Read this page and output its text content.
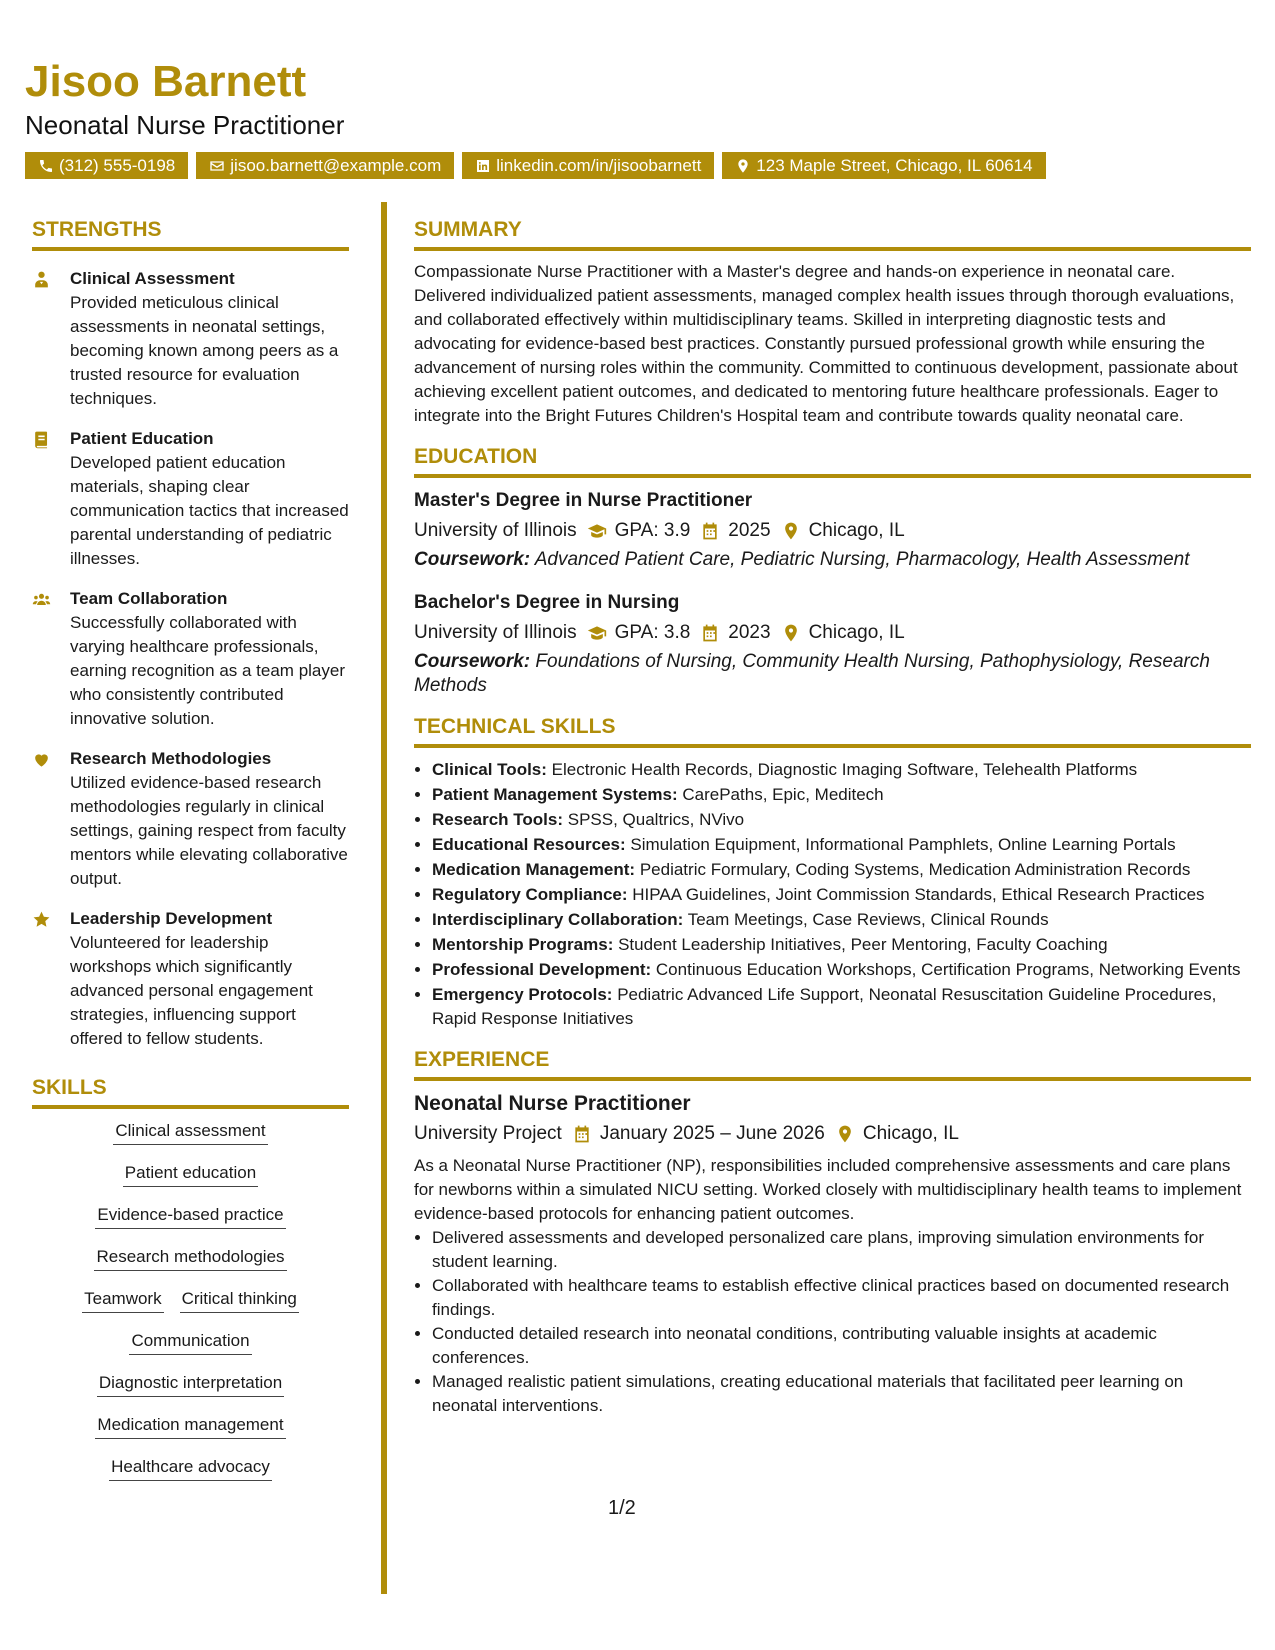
Jisoo Barnett
Neonatal Nurse Practitioner
(312) 555-0198	jisoo.barnett@example.com	linkedin.com/in/jisoobarnett	123 Maple Street, Chicago, IL 60614
STRENGTHS
Clinical Assessment
Provided meticulous clinical assessments in neonatal settings, becoming known among peers as a trusted resource for evaluation techniques.
Patient Education
Developed patient education materials, shaping clear communication tactics that increased parental understanding of pediatric illnesses.
Team Collaboration
Successfully collaborated with varying healthcare professionals, earning recognition as a team player who consistently contributed innovative solution.
Research Methodologies
Utilized evidence-based research methodologies regularly in clinical settings, gaining respect from faculty mentors while elevating collaborative output.
Leadership Development
Volunteered for leadership workshops which significantly advanced personal engagement strategies, influencing support offered to fellow students.
SKILLS
Clinical assessment
Patient education
Evidence-based practice
Research methodologies
Teamwork Critical thinking
Communication
Diagnostic interpretation
Medication management
Healthcare advocacy
SUMMARY
Compassionate Nurse Practitioner with a Master's degree and hands-on experience in neonatal care. Delivered individualized patient assessments, managed complex health issues through thorough evaluations, and collaborated effectively within multidisciplinary teams. Skilled in interpreting diagnostic tests and advocating for evidence-based best practices. Constantly pursued professional growth while ensuring the advancement of nursing roles within the community. Committed to continuous development, passionate about achieving excellent patient outcomes, and dedicated to mentoring future healthcare professionals. Eager to integrate into the Bright Futures Children's Hospital team and contribute towards quality neonatal care.
EDUCATION
Master's Degree in Nurse Practitioner
University of Illinois GPA: 3.9 2025 Chicago, IL
Coursework: Advanced Patient Care, Pediatric Nursing, Pharmacology, Health Assessment
Bachelor's Degree in Nursing
University of Illinois GPA: 3.8 2023 Chicago, IL
Coursework: Foundations of Nursing, Community Health Nursing, Pathophysiology, Research Methods
TECHNICAL SKILLS
• Clinical Tools: Electronic Health Records, Diagnostic Imaging Software, Telehealth Platforms
• Patient Management Systems: CarePaths, Epic, Meditech
• Research Tools: SPSS, Qualtrics, NVivo
• Educational Resources: Simulation Equipment, Informational Pamphlets, Online Learning Portals
• Medication Management: Pediatric Formulary, Coding Systems, Medication Administration Records
• Regulatory Compliance: HIPAA Guidelines, Joint Commission Standards, Ethical Research Practices
• Interdisciplinary Collaboration: Team Meetings, Case Reviews, Clinical Rounds
• Mentorship Programs: Student Leadership Initiatives, Peer Mentoring, Faculty Coaching
• Professional Development: Continuous Education Workshops, Certification Programs, Networking Events
• Emergency Protocols: Pediatric Advanced Life Support, Neonatal Resuscitation Guideline Procedures, Rapid Response Initiatives
EXPERIENCE
Neonatal Nurse Practitioner
University Project January 2025 – June 2026 Chicago, IL
As a Neonatal Nurse Practitioner (NP), responsibilities included comprehensive assessments and care plans for newborns within a simulated NICU setting. Worked closely with multidisciplinary health teams to implement evidence-based protocols for enhancing patient outcomes.
• Delivered assessments and developed personalized care plans, improving simulation environments for student learning.
• Collaborated with healthcare teams to establish effective clinical practices based on documented research findings.
• Conducted detailed research into neonatal conditions, contributing valuable insights at academic conferences.
• Managed realistic patient simulations, creating educational materials that facilitated peer learning on neonatal interventions.
1/2
